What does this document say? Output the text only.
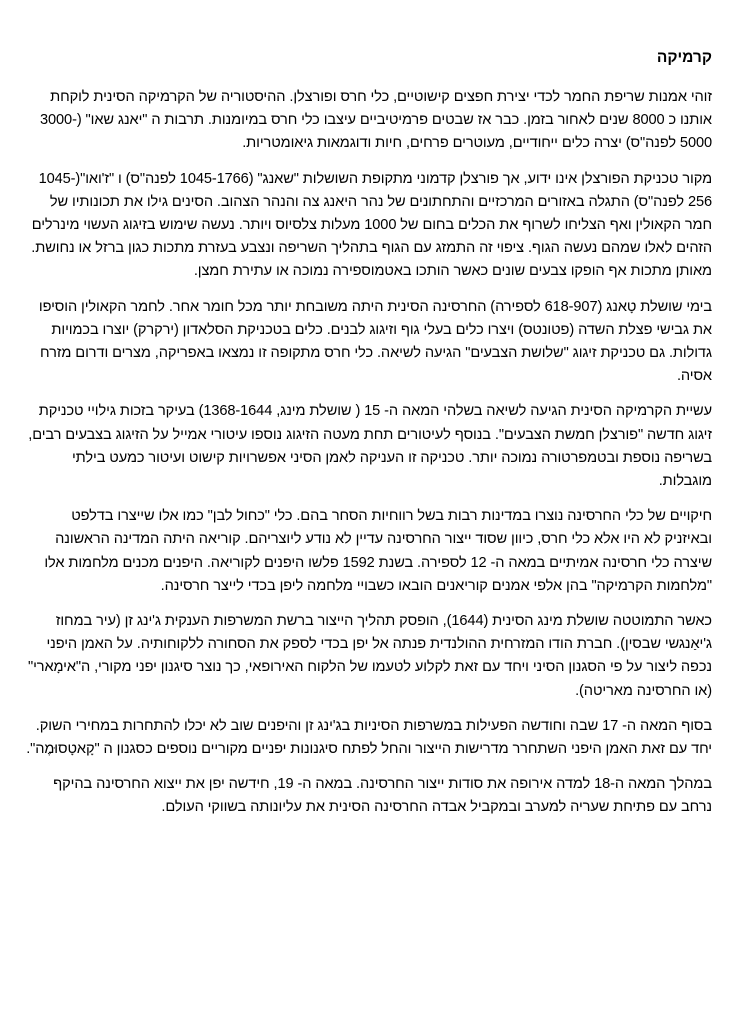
קרמיקה

זוהי אמנות שריפת החמר לכדי יצירת חפצים קישוטיים, כלי חרס ופורצלן. ההיסטוריה של הקרמיקה הסינית לוקחת אותנו כ 8000 שנים לאחור בזמן. כבר אז שבטים פרמיטיביים עיצבו כלי חרס במיומנות. תרבות ה "יאנג שאו" (3000-5000 לפנה"ס) יצרה כלים ייחודיים, מעוטרים פרחים, חיות ודוגמאות גיאומטריות.

מקור טכניקת הפורצלן אינו ידוע, אך פורצלן קדמוני מתקופת השושלות "שאנג" (1045-1766 לפנה"ס) ו "ז'ואו"(1045-256 לפנה"ס) התגלה באזורים המרכזיים והתחתונים של נהר היאנג צה והנהר הצהוב. הסינים גילו את תכונותיו של חמר הקאולין ואף הצליחו לשרוף את הכלים בחום של 1000 מעלות צלסיוס ויותר. נעשה שימוש בזיגוג העשוי מינרלים הזהים לאלו שמהם נעשה הגוף. ציפוי זה התמזג עם הגוף בתהליך השריפה ונצבע בעזרת מתכות כגון ברזל או נחושת. מאותן מתכות אף הופקו צבעים שונים כאשר הותכו באטמוספירה נמוכה או עתירת חמצן.

בימי שושלת טָאנג (618-907 לספירה) החרסינה הסינית היתה משובחת יותר מכל חומר אחר. לחמר הקאולין הוסיפו את גבישי פצלת השדה (פטונטס) ויצרו כלים בעלי גוף וזיגוג לבנים. כלים בטכניקת הסלאדון (ירקרק) יוצרו בכמויות גדולות. גם טכניקת זיגוג "שלושת הצבעים" הגיעה לשיאה. כלי חרס מתקופה זו נמצאו באפריקה, מצרים ודרום מזרח אסיה.

עשיית הקרמיקה הסינית הגיעה לשיאה בשלהי המאה ה- 15 ( שושלת מינג, 1368-1644) בעיקר בזכות גילויי טכניקת זיגוג חדשה "פורצלן חמשת הצבעים". בנוסף לעיטורים תחת מעטה הזיגוג נוספו עיטורי אמייל על הזיגוג בצבעים רבים, בשריפה נוספת ובטמפרטורה נמוכה יותר. טכניקה זו העניקה לאמן הסיני אפשרויות קישוט ועיטור כמעט בילתי מוגבלות.

חיקויים של כלי החרסינה נוצרו במדינות רבות בשל רווחיות הסחר בהם. כלי "כחול לבן" כמו אלו שייצרו בדלפט ובאיזניק לא היו אלא כלי חרס, כיוון שסוד ייצור החרסינה עדיין לא נודע ליוצריהם. קוריאה היתה המדינה הראשונה שיצרה כלי חרסינה אמיתיים במאה ה- 12 לספירה. בשנת 1592 פלשו היפנים לקוריאה. היפנים מכנים מלחמות אלו "מלחמות הקרמיקה" בהן אלפי אמנים קוריאנים הובאו כשבויי מלחמה ליפן בכדי לייצר חרסינה.

כאשר התמוטטה שושלת מינג הסינית (1644), הופסק תהליך הייצור ברשת המשרפות הענקית ג'ינג זן (עיר במחוז ג'יאַנגשי שבסין). חברת הודו המזרחית ההולנדית פנתה אל יפן בכדי לספק את הסחורה ללקוחותיה. על האמן היפני נכפה ליצור על פי הסגנון הסיני ויחד עם זאת לקלוע לטעמו של הלקוח האירופאי, כך נוצר סיגנון יפני מקורי, ה"אימָארי" (או החרסינה מאריטה).

בסוף המאה ה- 17 שבה וחודשה הפעילות במשרפות הסיניות בג'ינג זן והיפנים שוב לא יכלו להתחרות במחירי השוק. יחד עם זאת האמן היפני השתחרר מדרישות הייצור והחל לפתח סיגנונות יפניים מקוריים נוספים כסגנון ה "קָאטָסוּמֶה".

במהלך המאה ה-18 למדה אירופה את סודות ייצור החרסינה. במאה ה- 19, חידשה יפן את ייצוא החרסינה בהיקף נרחב עם פתיחת שעריה למערב ובמקביל אבדה החרסינה הסינית את עליונותה בשווקי העולם.
